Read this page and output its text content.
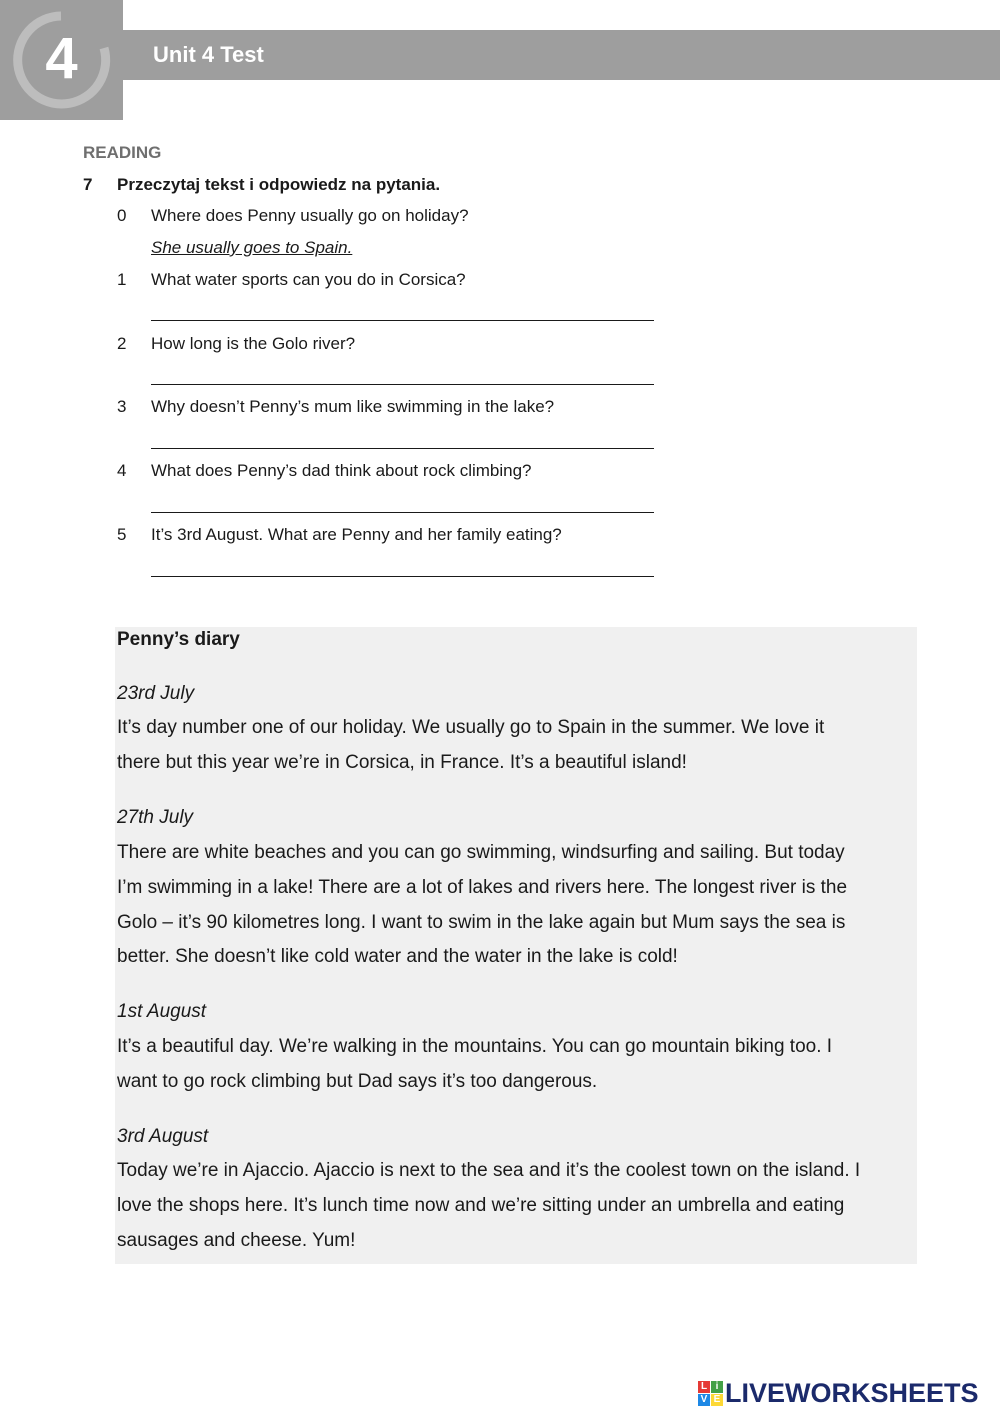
4	Unit 4 Test
READING
7 Przeczytaj tekst i odpowiedz na pytania.
0 Where does Penny usually go on holiday?
She usually goes to Spain.
1 What water sports can you do in Corsica?
2 How long is the Golo river?
3 Why doesn’t Penny’s mum like swimming in the lake?
4 What does Penny’s dad think about rock climbing?
5 It’s 3rd August. What are Penny and her family eating?
Penny’s diary
23rd July
It’s day number one of our holiday. We usually go to Spain in the summer. We love it
there but this year we’re in Corsica, in France. It’s a beautiful island!
27th July
There are white beaches and you can go swimming, windsurfing and sailing. But today
I’m swimming in a lake! There are a lot of lakes and rivers here. The longest river is the
Golo – it’s 90 kilometres long. I want to swim in the lake again but Mum says the sea is
better. She doesn’t like cold water and the water in the lake is cold!
1st August
It’s a beautiful day. We’re walking in the mountains. You can go mountain biking too. I
want to go rock climbing but Dad says it’s too dangerous.
3rd August
Today we’re in Ajaccio. Ajaccio is next to the sea and it’s the coolest town on the island. I
love the shops here. It’s lunch time now and we’re sitting under an umbrella and eating
sausages and cheese. Yum!
L i
V E LIVEWORKSHEETS
